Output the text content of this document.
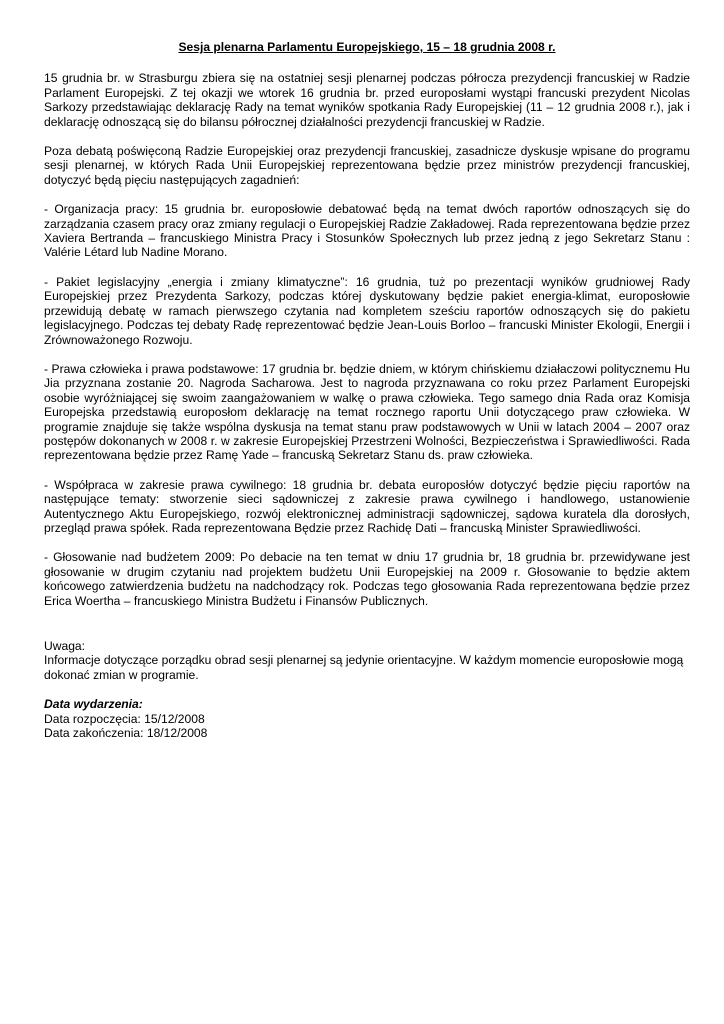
Sesja plenarna Parlamentu Europejskiego, 15 – 18 grudnia 2008 r.
15 grudnia br. w Strasburgu zbiera się na ostatniej sesji plenarnej podczas półrocza prezydencji francuskiej w Radzie Parlament Europejski. Z tej okazji we wtorek 16 grudnia br. przed europosłami wystąpi francuski prezydent Nicolas Sarkozy przedstawiając deklarację Rady na temat wyników spotkania Rady Europejskiej (11 – 12 grudnia 2008 r.), jak i deklarację odnoszącą się do bilansu półrocznej działalności prezydencji francuskiej w Radzie.
Poza debatą poświęconą Radzie Europejskiej oraz prezydencji francuskiej, zasadnicze dyskusje wpisane do programu sesji plenarnej, w których Rada Unii Europejskiej reprezentowana będzie przez ministrów prezydencji francuskiej, dotyczyć będą pięciu następujących zagadnień:
- Organizacja pracy: 15 grudnia br. europosłowie debatować będą na temat dwóch raportów odnoszących się do zarządzania czasem pracy oraz zmiany regulacji o Europejskiej Radzie Zakładowej. Rada reprezentowana będzie przez Xaviera Bertranda – francuskiego Ministra Pracy i Stosunków Społecznych lub przez jedną z jego Sekretarz Stanu : Valérie Létard lub Nadine Morano.
- Pakiet legislacyjny „energia i zmiany klimatyczne”: 16 grudnia, tuż po prezentacji wyników grudniowej Rady Europejskiej przez Prezydenta Sarkozy, podczas której dyskutowany będzie pakiet energia-klimat, europosłowie przewidują debatę w ramach pierwszego czytania nad kompletem sześciu raportów odnoszących się do pakietu legislacyjnego. Podczas tej debaty Radę reprezentować będzie Jean-Louis Borloo – francuski Minister Ekologii, Energii i Zrównoważonego Rozwoju.
- Prawa człowieka i prawa podstawowe: 17 grudnia br. będzie dniem, w którym chińskiemu działaczowi politycznemu Hu Jia przyznana zostanie 20. Nagroda Sacharowa. Jest to nagroda przyznawana co roku przez Parlament Europejski osobie wyróżniającej się swoim zaangażowaniem w walkę o prawa człowieka. Tego samego dnia Rada oraz Komisja Europejska przedstawią europosłom deklarację na temat rocznego raportu Unii dotyczącego praw człowieka. W programie znajduje się także wspólna dyskusja na temat stanu praw podstawowych w Unii w latach 2004 – 2007 oraz postępów dokonanych w 2008 r. w zakresie Europejskiej Przestrzeni Wolności, Bezpieczeństwa i Sprawiedliwości. Rada reprezentowana będzie przez Ramę Yade – francuską Sekretarz Stanu ds. praw człowieka.
- Współpraca w zakresie prawa cywilnego: 18 grudnia br. debata europosłów dotyczyć będzie pięciu raportów na następujące tematy: stworzenie sieci sądowniczej z zakresie prawa cywilnego i handlowego, ustanowienie Autentycznego Aktu Europejskiego, rozwój elektronicznej administracji sądowniczej, sądowa kuratela dla dorosłych, przegląd prawa spółek. Rada reprezentowana Będzie przez Rachidę Dati – francuską Minister Sprawiedliwości.
- Głosowanie nad budżetem 2009: Po debacie na ten temat w dniu 17 grudnia br, 18 grudnia br. przewidywane jest głosowanie w drugim czytaniu nad projektem budżetu Unii Europejskiej na 2009 r. Głosowanie to będzie aktem końcowego zatwierdzenia budżetu na nadchodzący rok. Podczas tego głosowania Rada reprezentowana będzie przez Erica Woertha – francuskiego Ministra Budżetu i Finansów Publicznych.
Uwaga:
Informacje dotyczące porządku obrad sesji plenarnej są jedynie orientacyjne. W każdym momencie europosłowie mogą dokonać zmian w programie.
Data wydarzenia:
Data rozpoczęcia: 15/12/2008
Data zakończenia: 18/12/2008
